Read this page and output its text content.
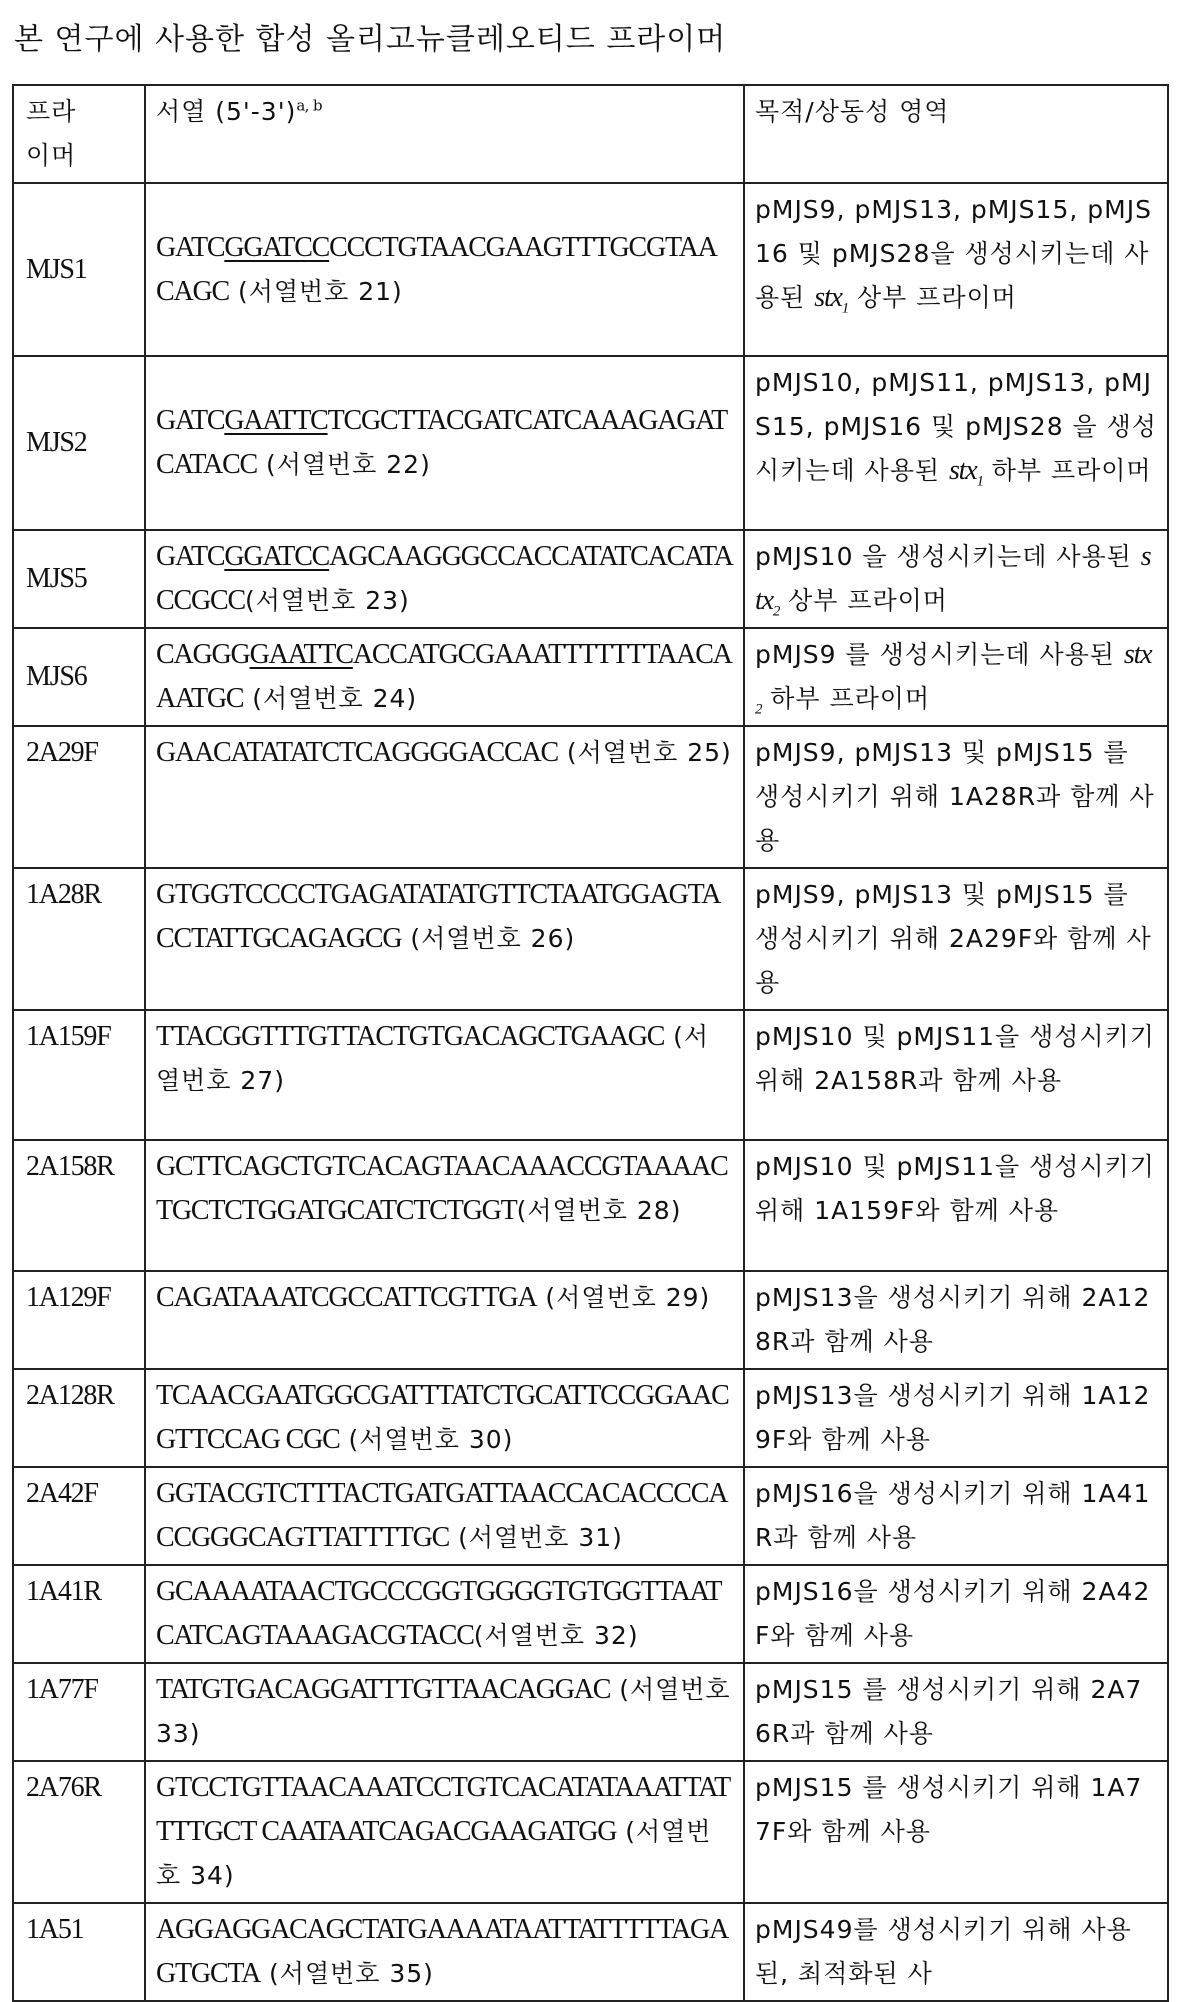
본 연구에 사용한 합성 올리고뉴클레오티드 프라이머
프라
이머	서열 (5'-3')a, b	목적/상동성 영역
MJS1	GATCGGATCCCCCTGTAACGAAGTTTGCGTAACAGC (서열번호 21)	pMJS9, pMJS13, pMJS15, pMJS16 및 pMJS28을 생성시키는데 사용된 stx1 상부 프라이머
MJS2	GATCGAATTCTCGCTTACGATCATCAAAGAGATCATACC (서열번호 22)	pMJS10, pMJS11, pMJS13, pMJS15, pMJS16 및 pMJS28 을 생성시키는데 사용된 stx1 하부 프라이머
MJS5	GATCGGATCCAGCAAGGGCCACCATATCACATACCGCC(서열번호 23)	pMJS10 을 생성시키는데 사용된 stx2 상부 프라이머
MJS6	CAGGGGAATTCACCATGCGAAATTTTTTTAACAAATGC (서열번호 24)	pMJS9 를 생성시키는데 사용된 stx2 하부 프라이머
2A29F	GAACATATATCTCAGGGGACCAC (서열번호 25)	pMJS9, pMJS13 및 pMJS15 를 생성시키기 위해 1A28R과 함께 사용
1A28R	GTGGTCCCCTGAGATATATGTTCTAATGGAGTACCTATTGCAGAGCG (서열번호 26)	pMJS9, pMJS13 및 pMJS15 를 생성시키기 위해 2A29F와 함께 사용
1A159F	TTACGGTTTGTTACTGTGACAGCTGAAGC (서열번호 27)	pMJS10 및 pMJS11을 생성시키기 위해 2A158R과 함께 사용
2A158R	GCTTCAGCTGTCACAGTAACAAACCGTAAAACTGCTCTGGATGCATCTCTGGT(서열번호 28)	pMJS10 및 pMJS11을 생성시키기 위해 1A159F와 함께 사용
1A129F	CAGATAAATCGCCATTCGTTGA (서열번호 29)	pMJS13을 생성시키기 위해 2A128R과 함께 사용
2A128R	TCAACGAATGGCGATTTATCTGCATTCCGGAACGTTCCAG CGC (서열번호 30)	pMJS13을 생성시키기 위해 1A129F와 함께 사용
2A42F	GGTACGTCTTTACTGATGATTAACCACACCCCACCGGGCAGTTATTTTGC (서열번호 31)	pMJS16을 생성시키기 위해 1A41R과 함께 사용
1A41R	GCAAAATAACTGCCCGGTGGGGTGTGGTTAATCATCAGTAAAGACGTACC(서열번호 32)	pMJS16을 생성시키기 위해 2A42F와 함께 사용
1A77F	TATGTGACAGGATTTGTTAACAGGAC (서열번호 33)	pMJS15 를 생성시키기 위해 2A76R과 함께 사용
2A76R	GTCCTGTTAACAAATCCTGTCACATATAAATTATTTTGCT CAATAATCAGACGAAGATGG (서열번호 34)	pMJS15 를 생성시키기 위해 1A77F와 함께 사용
1A51	AGGAGGACAGCTATGAAAATAATTATTTTTAGAGTGCTA (서열번호 35)	pMJS49를 생성시키기 위해 사용된, 최적화된 사
